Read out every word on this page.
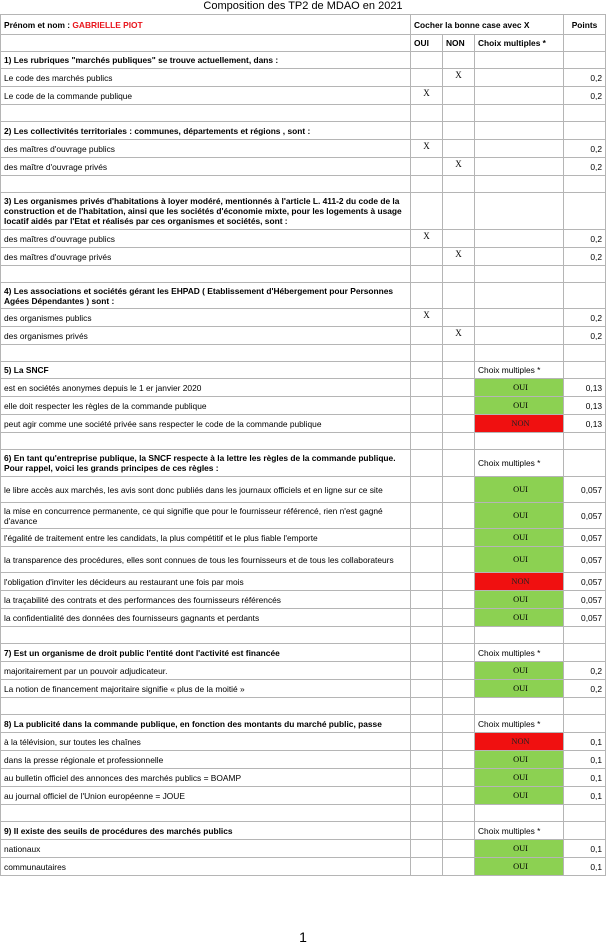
Composition des TP2 de MDAO en 2021
Prénom et nom : GABRIELLE PIOT	Cocher la bonne case avec X			Points
	OUI	NON	Choix multiples *	
1) Les rubriques "marchés publiques" se trouve actuellement, dans :				
Le code des marchés publics		X		0,2
Le code de la commande publique	X			0,2

2) Les collectivités territoriales : communes, départements et régions , sont :				
des maîtres d'ouvrage publics	X			0,2
des maître d'ouvrage privés		X		0,2

3) Les organismes privés d'habitations à loyer modéré, mentionnés à l'article L. 411-2 du code de la construction et de l'habitation, ainsi que les sociétés d'économie mixte, pour les logements à usage locatif aidés par l'Etat et réalisés par ces organismes et sociétés, sont :				
des maîtres d'ouvrage publics	X			0,2
des maîtres d'ouvrage privés		X		0,2

4) Les associations et sociétés gérant les EHPAD ( Etablissement d'Hébergement pour Personnes Agées Dépendantes ) sont :				
des organismes publics	X			0,2
des organismes privés		X		0,2

5) La SNCF			Choix multiples *	
est en sociétés anonymes depuis le 1 er janvier 2020			OUI	0,13
elle doit respecter les règles de la commande publique			OUI	0,13
peut agir comme une société privée sans respecter le code de la commande publique			NON	0,13

6) En tant qu'entreprise publique, la SNCF respecte à la lettre les règles de la commande publique. Pour rappel, voici les grands principes de ces règles :			Choix multiples *	
le libre accès aux marchés, les avis sont donc publiés dans les journaux officiels et en ligne sur ce site			OUI	0,057
la mise en concurrence permanente, ce qui signifie que pour le fournisseur référencé, rien n'est gagné d'avance			OUI	0,057
l'égalité de traitement entre les candidats, la plus compétitif et le plus fiable l'emporte			OUI	0,057
la transparence des procédures, elles sont connues de tous les fournisseurs et de tous les collaborateurs			OUI	0,057
l'obligation d'inviter les décideurs au restaurant une fois par mois			NON	0,057
la traçabilité des contrats et des performances des fournisseurs référencés			OUI	0,057
la confidentialité des données des fournisseurs gagnants et perdants			OUI	0,057

7) Est un organisme de droit public l'entité dont l'activité est financée			Choix multiples *	
majoritairement par un pouvoir adjudicateur.			OUI	0,2
La notion de financement majoritaire signifie « plus de la moitié »			OUI	0,2

8) La publicité dans la commande publique, en fonction des montants du marché public, passe			Choix multiples *	
à la télévision, sur toutes les chaînes			NON	0,1
dans la presse régionale et professionnelle			OUI	0,1
au bulletin officiel des annonces des marchés publics = BOAMP			OUI	0,1
au journal officiel de l'Union européenne = JOUE			OUI	0,1

9) Il existe des seuils de procédures des marchés publics			Choix multiples *	
nationaux			OUI	0,1
communautaires			OUI	0,1
1
